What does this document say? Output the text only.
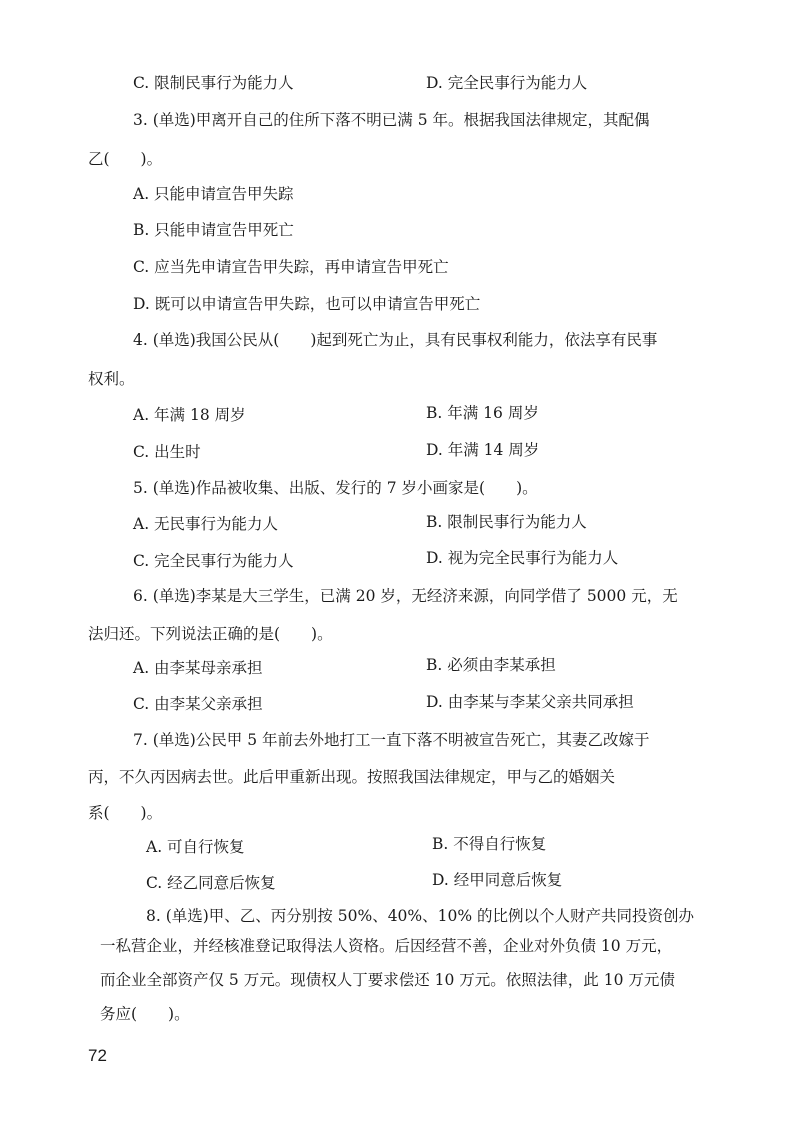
C. 限制民事行为能力人	D. 完全民事行为能力人
3. (单选)甲离开自己的住所下落不明已满 5 年。根据我国法律规定，其配偶
乙(　　)。
A. 只能申请宣告甲失踪
B. 只能申请宣告甲死亡
C. 应当先申请宣告甲失踪，再申请宣告甲死亡
D. 既可以申请宣告甲失踪，也可以申请宣告甲死亡
4. (单选)我国公民从(　　)起到死亡为止，具有民事权利能力，依法享有民事
权利。
A. 年满 18 周岁	B. 年满 16 周岁
C. 出生时	D. 年满 14 周岁
5. (单选)作品被收集、出版、发行的 7 岁小画家是(　　)。
A. 无民事行为能力人	B. 限制民事行为能力人
C. 完全民事行为能力人	D. 视为完全民事行为能力人
6. (单选)李某是大三学生，已满 20 岁，无经济来源，向同学借了 5000 元，无
法归还。下列说法正确的是(　　)。
A. 由李某母亲承担	B. 必须由李某承担
C. 由李某父亲承担	D. 由李某与李某父亲共同承担
7. (单选)公民甲 5 年前去外地打工一直下落不明被宣告死亡，其妻乙改嫁于
丙，不久丙因病去世。此后甲重新出现。按照我国法律规定，甲与乙的婚姻关
系(　　)。
A. 可自行恢复	B. 不得自行恢复
C. 经乙同意后恢复	D. 经甲同意后恢复
8. (单选)甲、乙、丙分别按 50%、40%、10% 的比例以个人财产共同投资创办
一私营企业，并经核准登记取得法人资格。后因经营不善，企业对外负债 10 万元，
而企业全部资产仅 5 万元。现债权人丁要求偿还 10 万元。依照法律，此 10 万元债
务应(　　)。
72
